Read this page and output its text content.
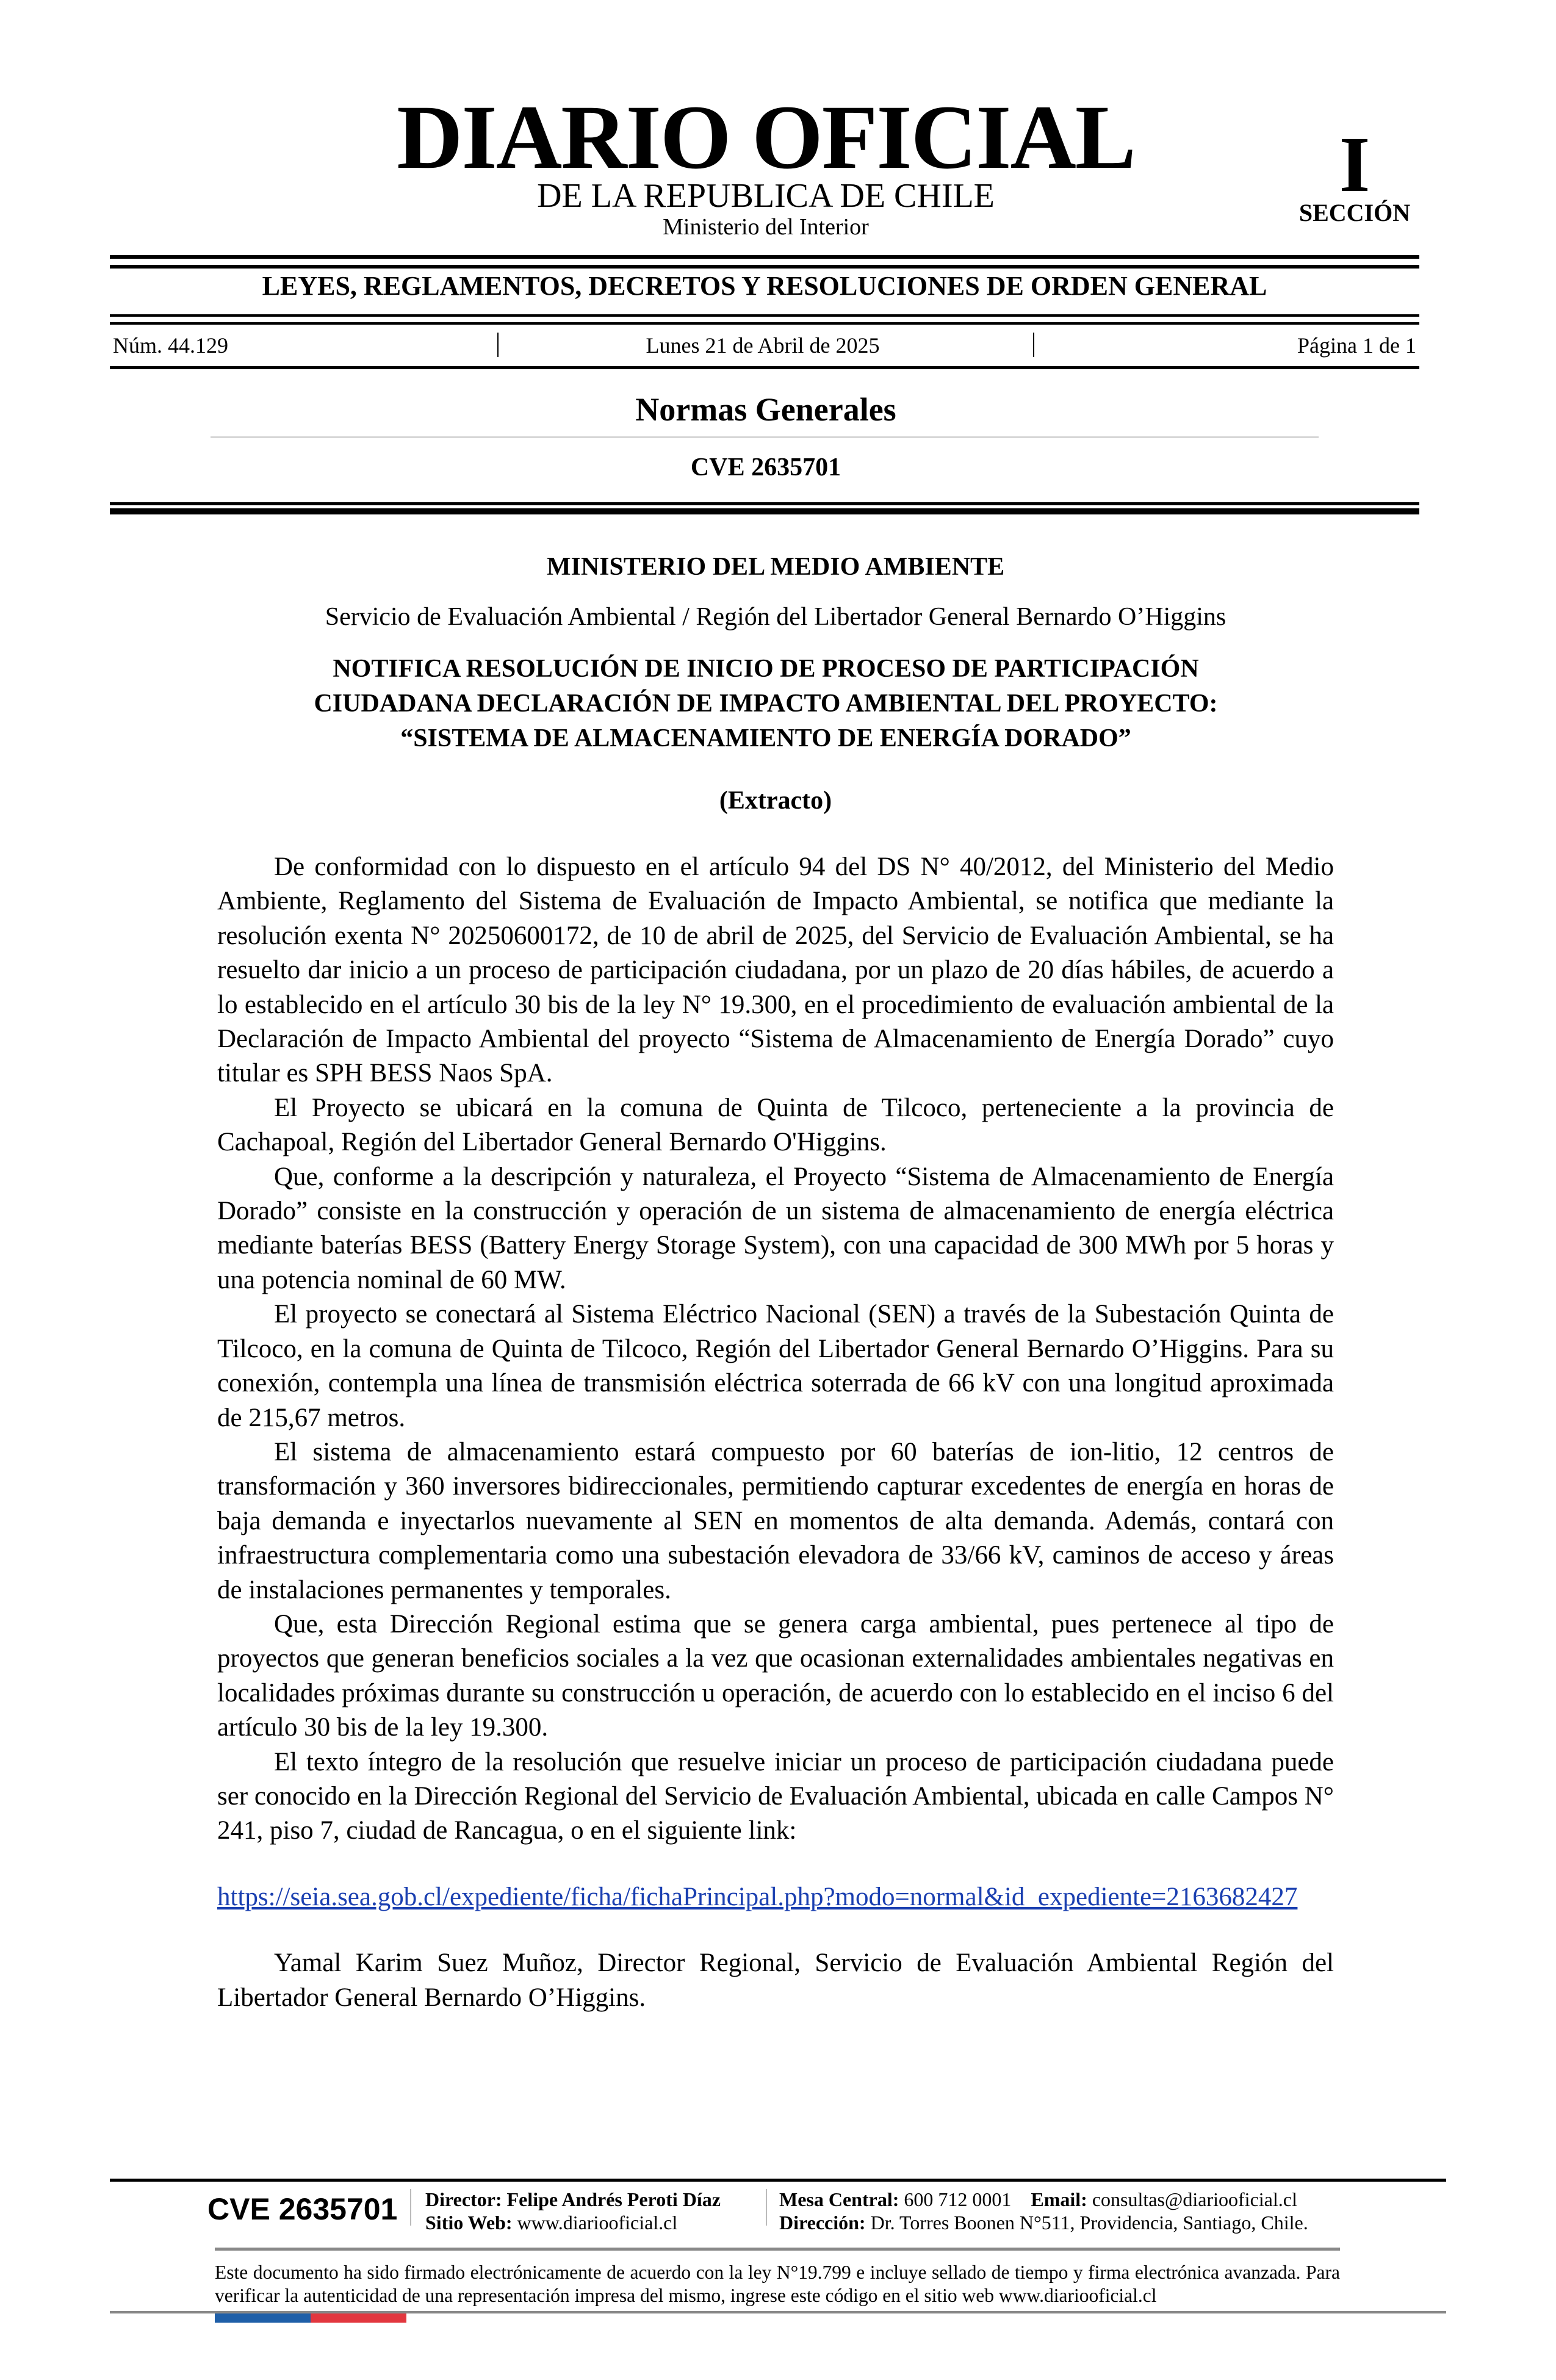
DIARIO OFICIAL
DE LA REPUBLICA DE CHILE
Ministerio del Interior
I
SECCIÓN
LEYES, REGLAMENTOS, DECRETOS Y RESOLUCIONES DE ORDEN GENERAL
Núm. 44.129	Lunes 21 de Abril de 2025	Página 1 de 1
Normas Generales
CVE 2635701
MINISTERIO DEL MEDIO AMBIENTE
Servicio de Evaluación Ambiental / Región del Libertador General Bernardo O’Higgins
NOTIFICA RESOLUCIÓN DE INICIO DE PROCESO DE PARTICIPACIÓN
CIUDADANA DECLARACIÓN DE IMPACTO AMBIENTAL DEL PROYECTO:
“SISTEMA DE ALMACENAMIENTO DE ENERGÍA DORADO”
(Extracto)

De conformidad con lo dispuesto en el artículo 94 del DS N° 40/2012, del Ministerio del Medio Ambiente, Reglamento del Sistema de Evaluación de Impacto Ambiental, se notifica que mediante la resolución exenta N° 20250600172, de 10 de abril de 2025, del Servicio de Evaluación Ambiental, se ha resuelto dar inicio a un proceso de participación ciudadana, por un plazo de 20 días hábiles, de acuerdo a lo establecido en el artículo 30 bis de la ley N° 19.300, en el procedimiento de evaluación ambiental de la Declaración de Impacto Ambiental del proyecto “Sistema de Almacenamiento de Energía Dorado” cuyo titular es SPH BESS Naos SpA.

El Proyecto se ubicará en la comuna de Quinta de Tilcoco, perteneciente a la provincia de Cachapoal, Región del Libertador General Bernardo O'Higgins.

Que, conforme a la descripción y naturaleza, el Proyecto “Sistema de Almacenamiento de Energía Dorado” consiste en la construcción y operación de un sistema de almacenamiento de energía eléctrica mediante baterías BESS (Battery Energy Storage System), con una capacidad de 300 MWh por 5 horas y una potencia nominal de 60 MW.

El proyecto se conectará al Sistema Eléctrico Nacional (SEN) a través de la Subestación Quinta de Tilcoco, en la comuna de Quinta de Tilcoco, Región del Libertador General Bernardo O’Higgins. Para su conexión, contempla una línea de transmisión eléctrica soterrada de 66 kV con una longitud aproximada de 215,67 metros.

El sistema de almacenamiento estará compuesto por 60 baterías de ion-litio, 12 centros de transformación y 360 inversores bidireccionales, permitiendo capturar excedentes de energía en horas de baja demanda e inyectarlos nuevamente al SEN en momentos de alta demanda. Además, contará con infraestructura complementaria como una subestación elevadora de 33/66 kV, caminos de acceso y áreas de instalaciones permanentes y temporales.

Que, esta Dirección Regional estima que se genera carga ambiental, pues pertenece al tipo de proyectos que generan beneficios sociales a la vez que ocasionan externalidades ambientales negativas en localidades próximas durante su construcción u operación, de acuerdo con lo establecido en el inciso 6 del artículo 30 bis de la ley 19.300.

El texto íntegro de la resolución que resuelve iniciar un proceso de participación ciudadana puede ser conocido en la Dirección Regional del Servicio de Evaluación Ambiental, ubicada en calle Campos N° 241, piso 7, ciudad de Rancagua, o en el siguiente link:

https://seia.sea.gob.cl/expediente/ficha/fichaPrincipal.php?modo=normal&id_expediente=2163682427

Yamal Karim Suez Muñoz, Director Regional, Servicio de Evaluación Ambiental Región del Libertador General Bernardo O’Higgins.

CVE 2635701 Director: Felipe Andrés Peroti Díaz
Sitio Web: www.diariooficial.cl
Mesa Central: 600 712 0001 Email: consultas@diariooficial.cl
Dirección: Dr. Torres Boonen N°511, Providencia, Santiago, Chile.
Este documento ha sido firmado electrónicamente de acuerdo con la ley N°19.799 e incluye sellado de tiempo y firma electrónica avanzada. Para verificar la autenticidad de una representación impresa del mismo, ingrese este código en el sitio web www.diariooficial.cl
